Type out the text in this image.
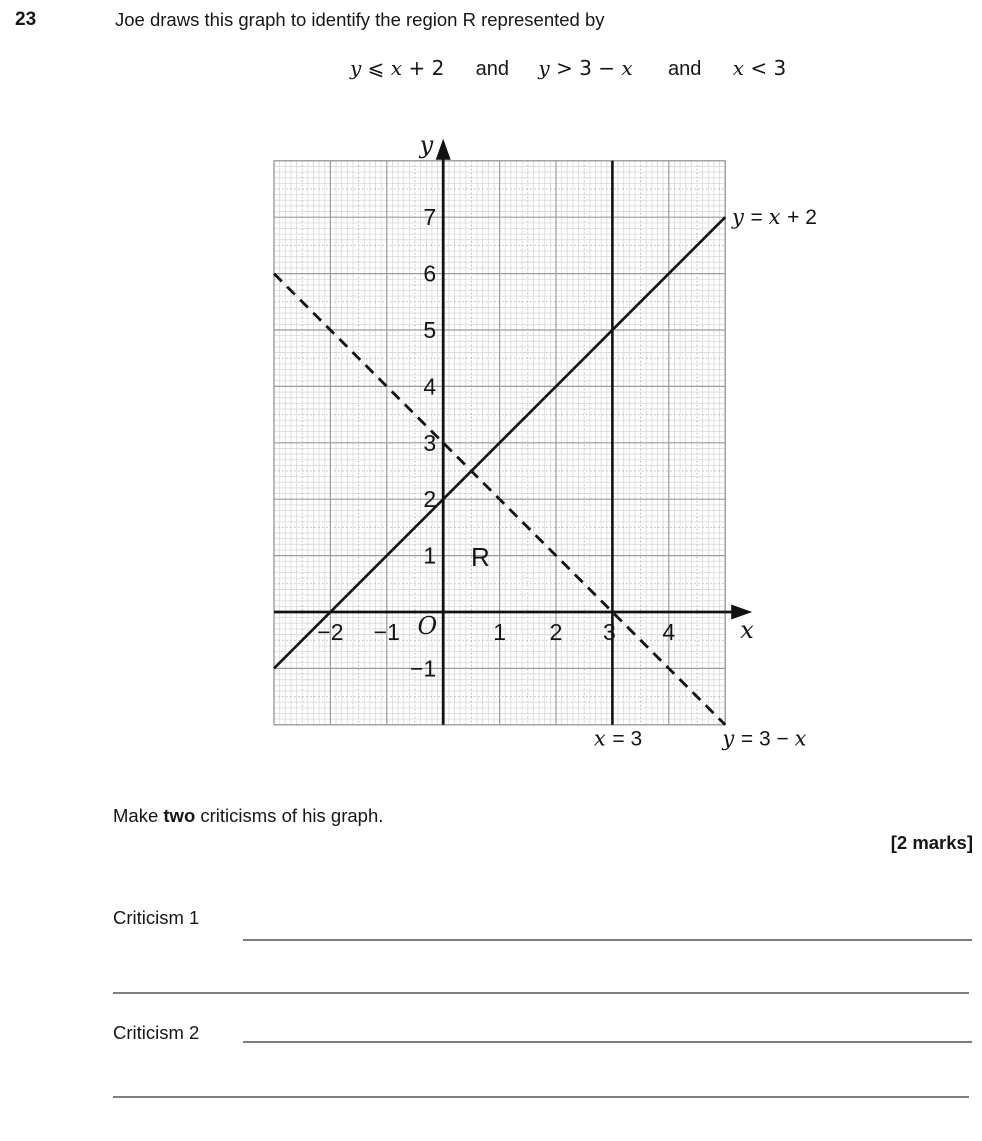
23	Joe draws this graph to identify the region R represented by
y ⩽ x + 2 and y > 3 − x and x < 3
−2 −1	1 2 3 4
−1
1
2
3
4
5
6
7
O
y
x
y = x + 2
y = 3 − x
x = 3
R
Make two criticisms of his graph.
[2 marks]
Criticism 1
Criticism 2
